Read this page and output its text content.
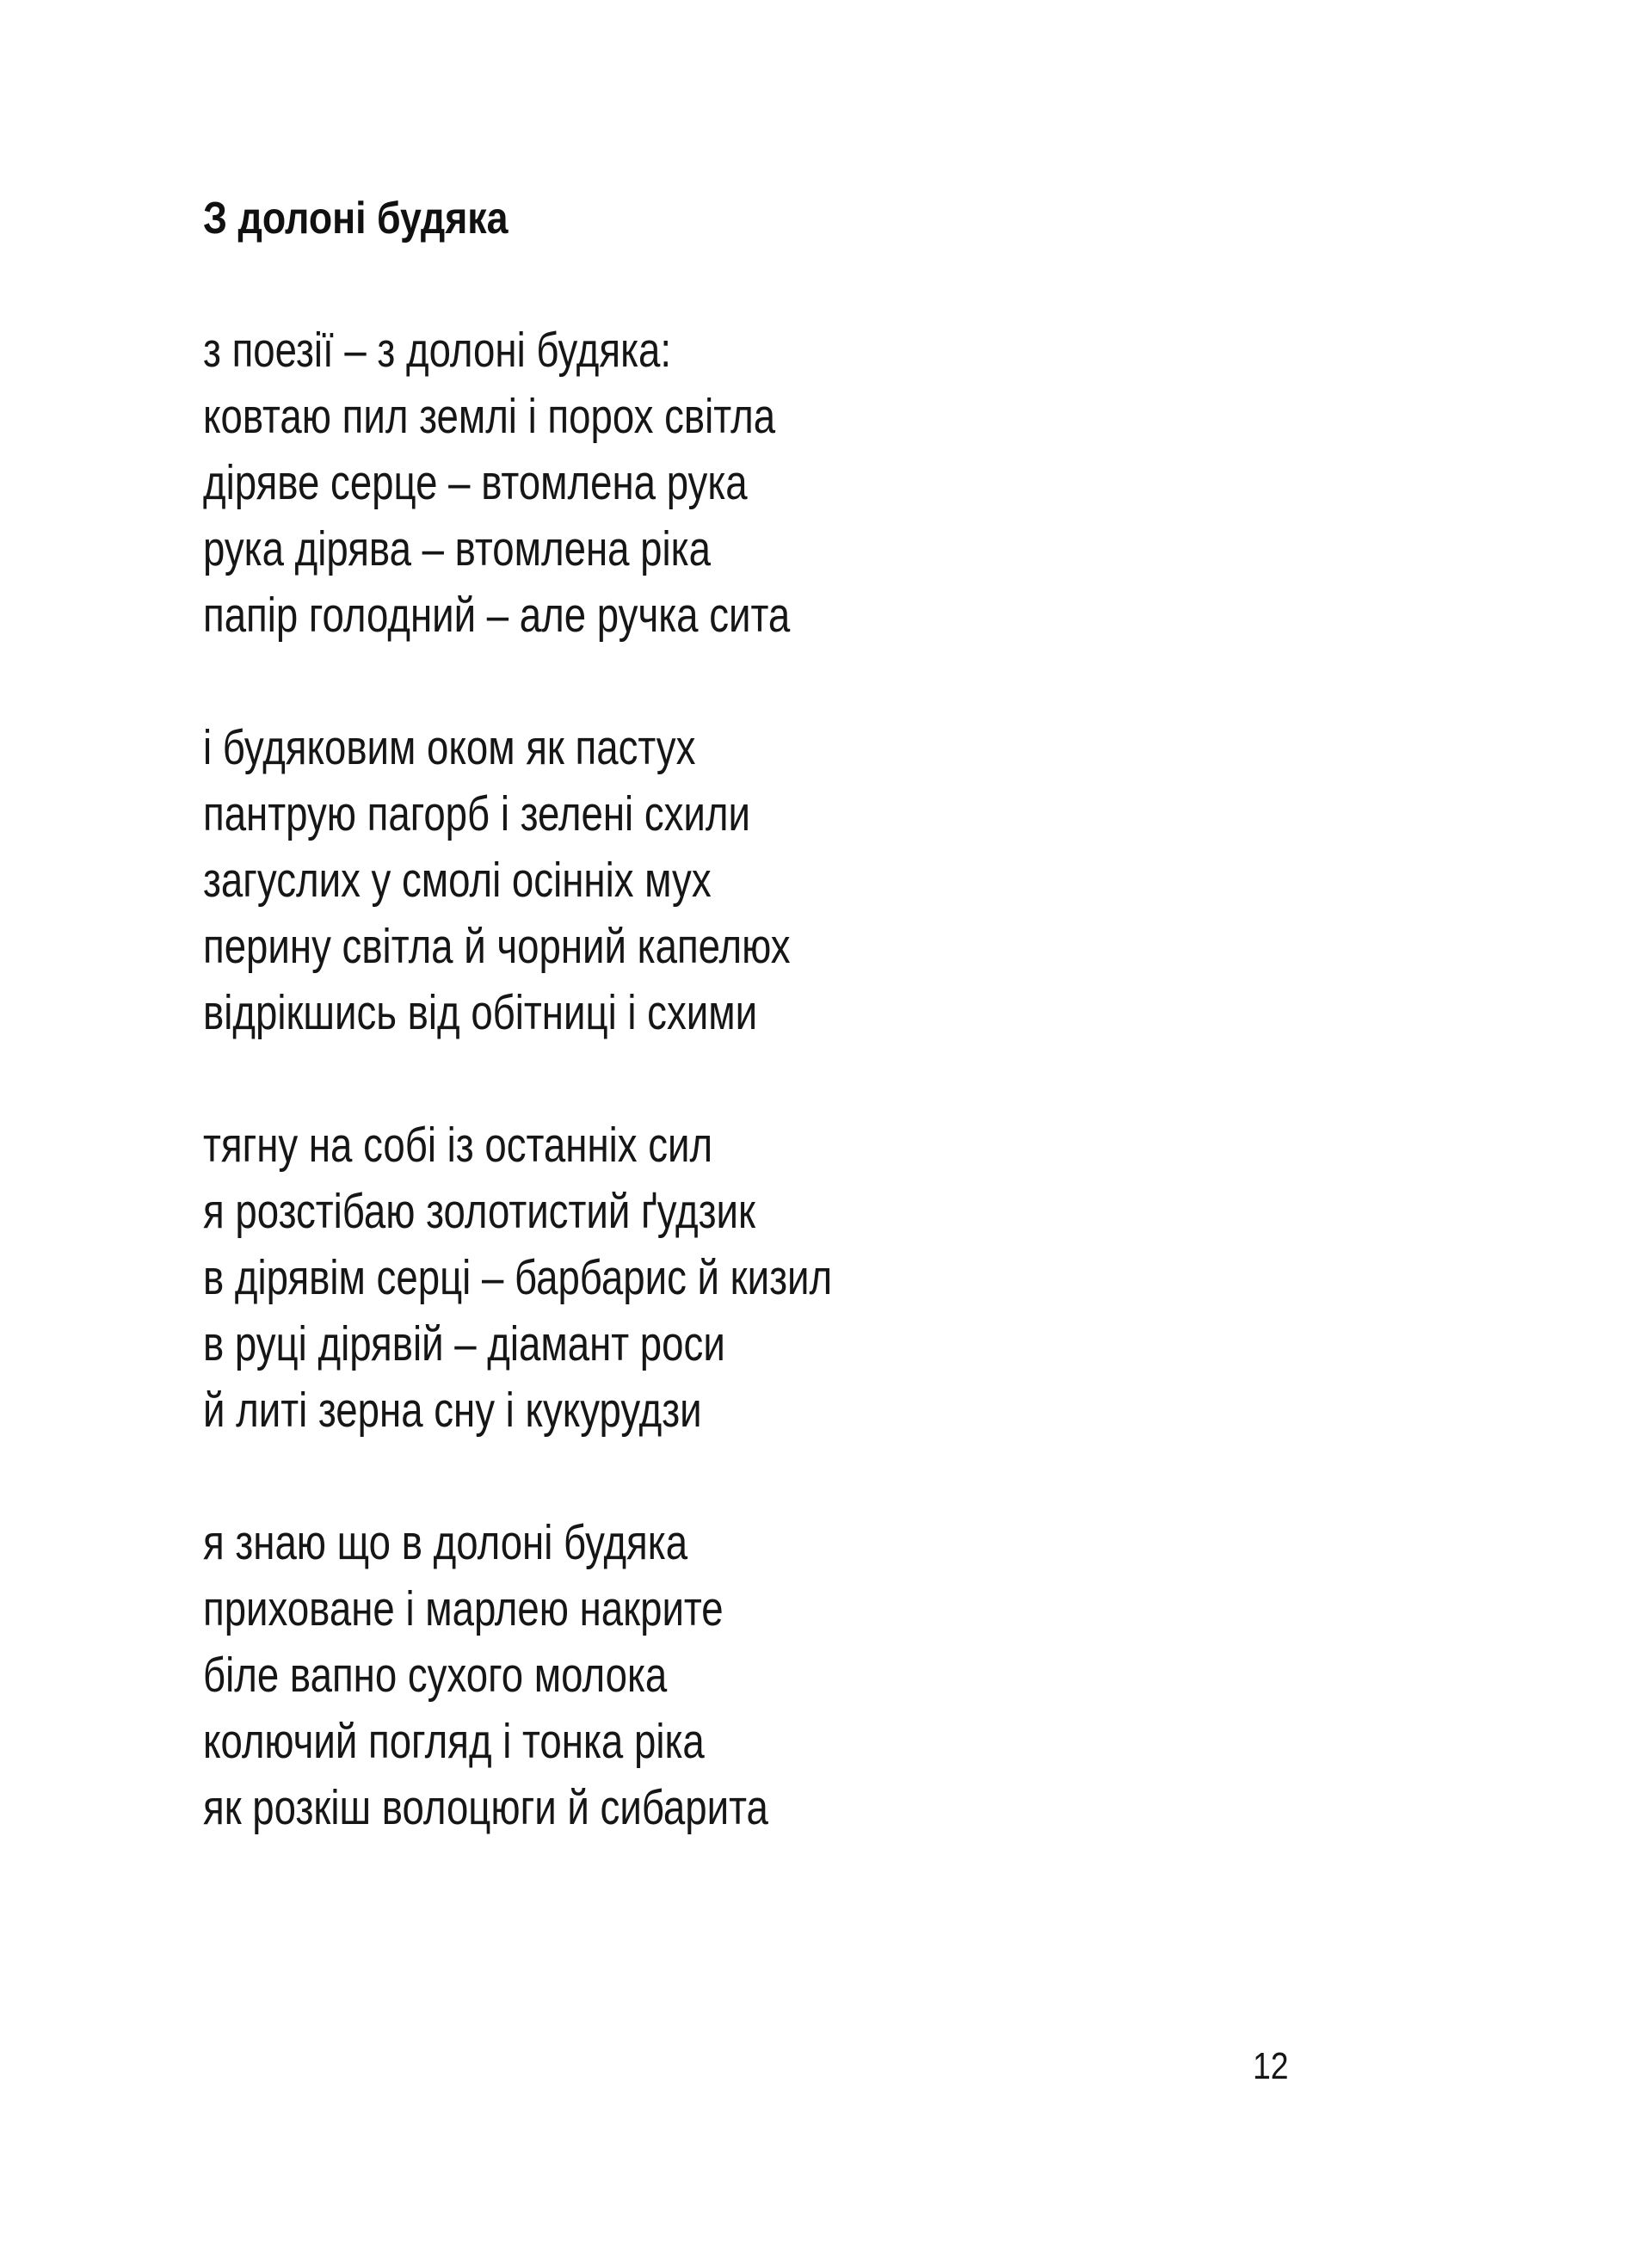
З долоні будяка
з поезії – з долоні будяка:
ковтаю пил землі і порох світла
діряве серце – втомлена рука
рука дірява – втомлена ріка
папір голодний – але ручка сита
і будяковим оком як пастух
пантрую пагорб і зелені схили
загуслих у смолі осінніх мух
перину світла й чорний капелюх
відрікшись від обітниці і схими
тягну на собі із останніх сил
я розстібаю золотистий ґудзик
в дірявім серці – барбарис й кизил
в руці дірявій – діамант роси
й литі зерна сну і кукурудзи
я знаю що в долоні будяка
приховане і марлею накрите
біле вапно сухого молока
колючий погляд і тонка ріка
як розкіш волоцюги й сибарита
12
